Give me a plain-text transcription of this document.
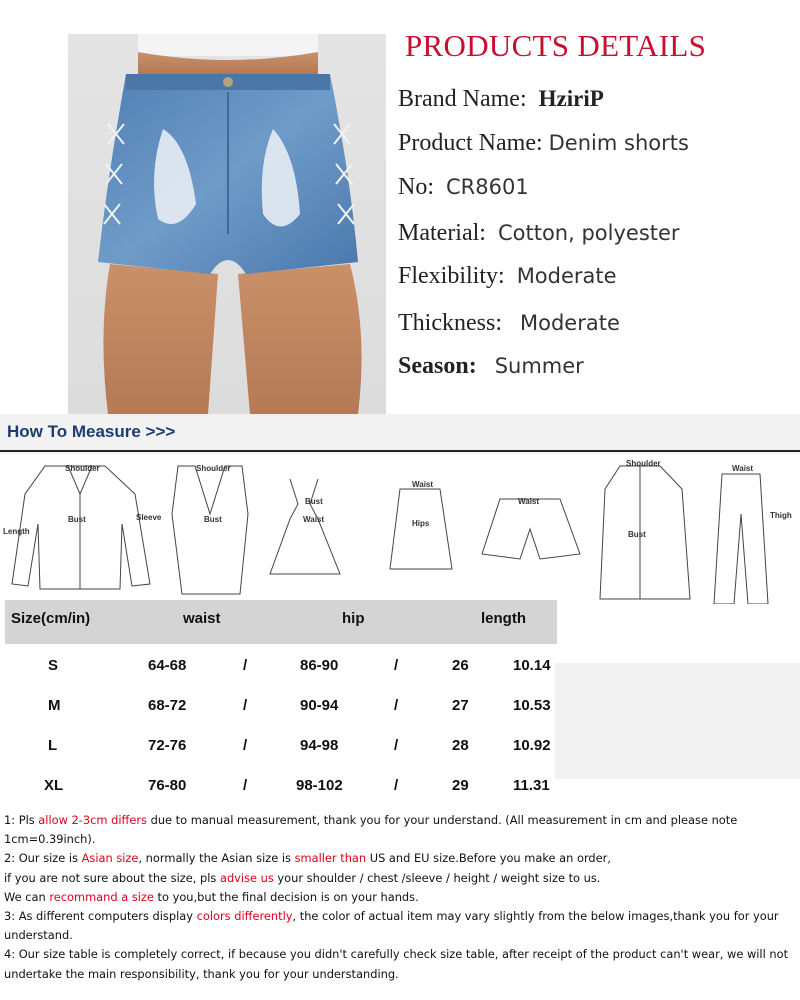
PRODUCTS DETAILS
Brand Name: HziriP
Product Name: Denim shorts
No: CR8601
Material: Cotton, polyester
Flexibility: Moderate
Thickness: Moderate
Season: Summer
How To Measure >>>
Shoulder
Bust
Length
Sleeve
Shoulder
Bust
Bust
Waist
Waist
Hips
Waist
Shoulder
Bust
Waist
Thigh
Size(cm/in)	waist	hip	length
S	64-68	/	86-90	/	26	10.14
M	68-72	/	90-94	/	27	10.53
L	72-76	/	94-98	/	28	10.92
XL	76-80	/	98-102	/	29	11.31
1: Pls allow 2-3cm differs due to manual measurement, thank you for your understand. (All measurement in cm and please note 1cm=0.39inch).
2: Our size is Asian size, normally the Asian size is smaller than US and EU size.Before you make an order,
if you are not sure about the size, pls advise us your shoulder / chest /sleeve / height / weight size to us.
We can recommand a size to you,but the final decision is on your hands.
3: As different computers display colors differently, the color of actual item may vary slightly from the below images,thank you for your understand.
4: Our size table is completely correct, if because you didn't carefully check size table, after receipt of the product can't wear, we will not undertake the main responsibility, thank you for your understanding.
